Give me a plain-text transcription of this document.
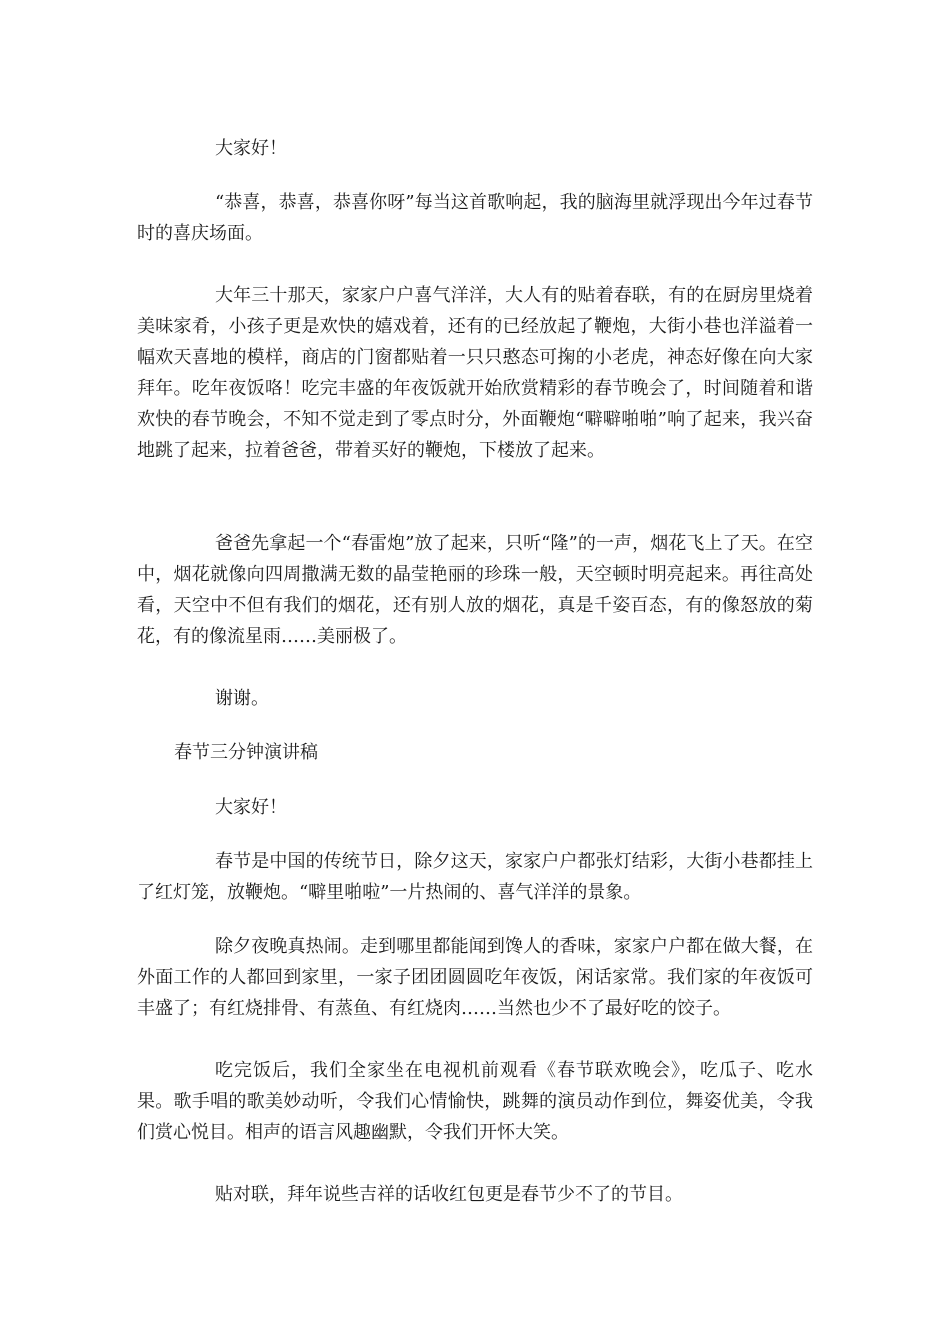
大家好！

“恭喜，恭喜，恭喜你呀”每当这首歌响起，我的脑海里就浮现出今年过春节时的喜庆场面。

大年三十那天，家家户户喜气洋洋，大人有的贴着春联，有的在厨房里烧着美味家肴，小孩子更是欢快的嬉戏着，还有的已经放起了鞭炮，大街小巷也洋溢着一幅欢天喜地的模样，商店的门窗都贴着一只只憨态可掬的小老虎，神态好像在向大家拜年。吃年夜饭咯！吃完丰盛的年夜饭就开始欣赏精彩的春节晚会了，时间随着和谐欢快的春节晚会，不知不觉走到了零点时分，外面鞭炮“噼噼啪啪”响了起来，我兴奋地跳了起来，拉着爸爸，带着买好的鞭炮，下楼放了起来。

爸爸先拿起一个“春雷炮”放了起来，只听“隆”的一声，烟花飞上了天。在空中，烟花就像向四周撒满无数的晶莹艳丽的珍珠一般，天空顿时明亮起来。再往高处看，天空中不但有我们的烟花，还有别人放的烟花，真是千姿百态，有的像怒放的菊花，有的像流星雨……美丽极了。

谢谢。

春节三分钟演讲稿

大家好！

春节是中国的传统节日，除夕这天，家家户户都张灯结彩，大街小巷都挂上了红灯笼，放鞭炮。“噼里啪啦”一片热闹的、喜气洋洋的景象。

除夕夜晚真热闹。走到哪里都能闻到馋人的香味，家家户户都在做大餐，在外面工作的人都回到家里，一家子团团圆圆吃年夜饭，闲话家常。我们家的年夜饭可丰盛了；有红烧排骨、有蒸鱼、有红烧肉……当然也少不了最好吃的饺子。

吃完饭后，我们全家坐在电视机前观看《春节联欢晚会》，吃瓜子、吃水果。歌手唱的歌美妙动听，令我们心情愉快，跳舞的演员动作到位，舞姿优美，令我们赏心悦目。相声的语言风趣幽默，令我们开怀大笑。

贴对联，拜年说些吉祥的话收红包更是春节少不了的节目。
